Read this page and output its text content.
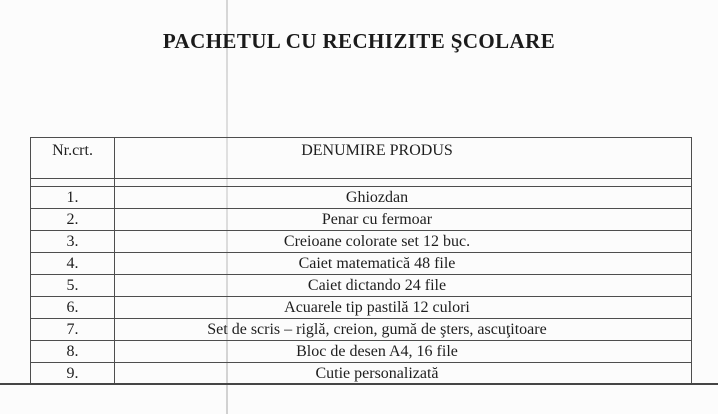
PACHETUL CU RECHIZITE ŞCOLARE
Nr.crt.	DENUMIRE PRODUS

1.	Ghiozdan
2.	Penar cu fermoar
3.	Creioane colorate set 12 buc.
4.	Caiet matematică 48 file
5.	Caiet dictando 24 file
6.	Acuarele tip pastilă 12 culori
7.	Set de scris – riglă, creion, gumă de şters, ascuţitoare
8.	Bloc de desen A4, 16 file
9.	Cutie personalizată
